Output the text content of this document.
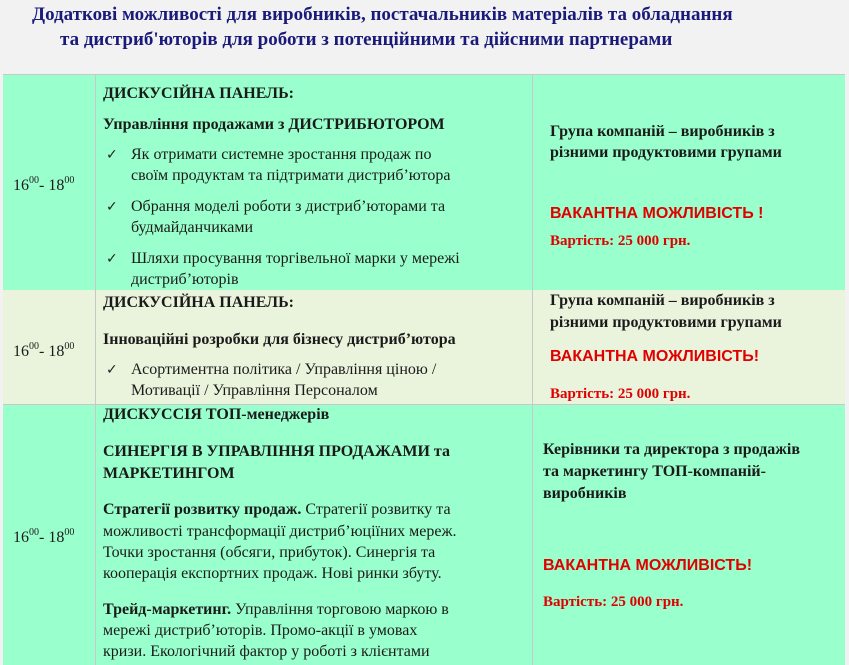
Додаткові можливості для виробників, постачальників матеріалів та обладнання
та дистриб'юторів для роботи з потенційними та дійсними партнерами
$16^{00}-$ $18^{00}$
ДИСКУСІЙНА ПАНЕЛЬ:
Управління продажами з ДИСТРИБЮТОРОМ
✓ Як отримати системне зростання продаж по
своїм продуктам та підтримати дистриб’ютора
✓ Обрання моделі роботи з дистриб’юторами та
будмайданчиками
✓ Шляхи просування торгівельної марки у мережі
дистриб’юторів
Група компаній – виробників з
різними продуктовими групами
ВАКАНТНА МОЖЛИВІСТЬ !
Вартість: 25 000 грн.
$16^{00}-$ $18^{00}$
ДИСКУСІЙНА ПАНЕЛЬ:
Інноваційні розробки для бізнесу дистриб’ютора
✓ Асортиментна політика / Управління ціною /
Мотивації / Управління Персоналом
Група компаній – виробників з
різними продуктовими групами
ВАКАНТНА МОЖЛИВІСТЬ!
Вартість: 25 000 грн.
$16^{00}-$ $18^{00}$
ДИСКУССІЯ ТОП-менеджерів
СИНЕРГІЯ В УПРАВЛІННЯ ПРОДАЖАМИ та
МАРКЕТИНГОМ
Стратегії розвитку продаж. Стратегії розвитку та
можливості трансформації дистриб’юціїних мереж.
Точки зростання (обсяги, прибуток). Синергія та
кооперація експортних продаж. Нові ринки збуту.
Трейд-маркетинг. Управління торговою маркою в
мережі дистриб’юторів. Промо-акції в умовах
кризи. Екологічний фактор у роботі з клієнтами
Керівники та директора з продажів
та маркетингу ТОП-компаній-
виробників
ВАКАНТНА МОЖЛИВІСТЬ!
Вартість: 25 000 грн.
